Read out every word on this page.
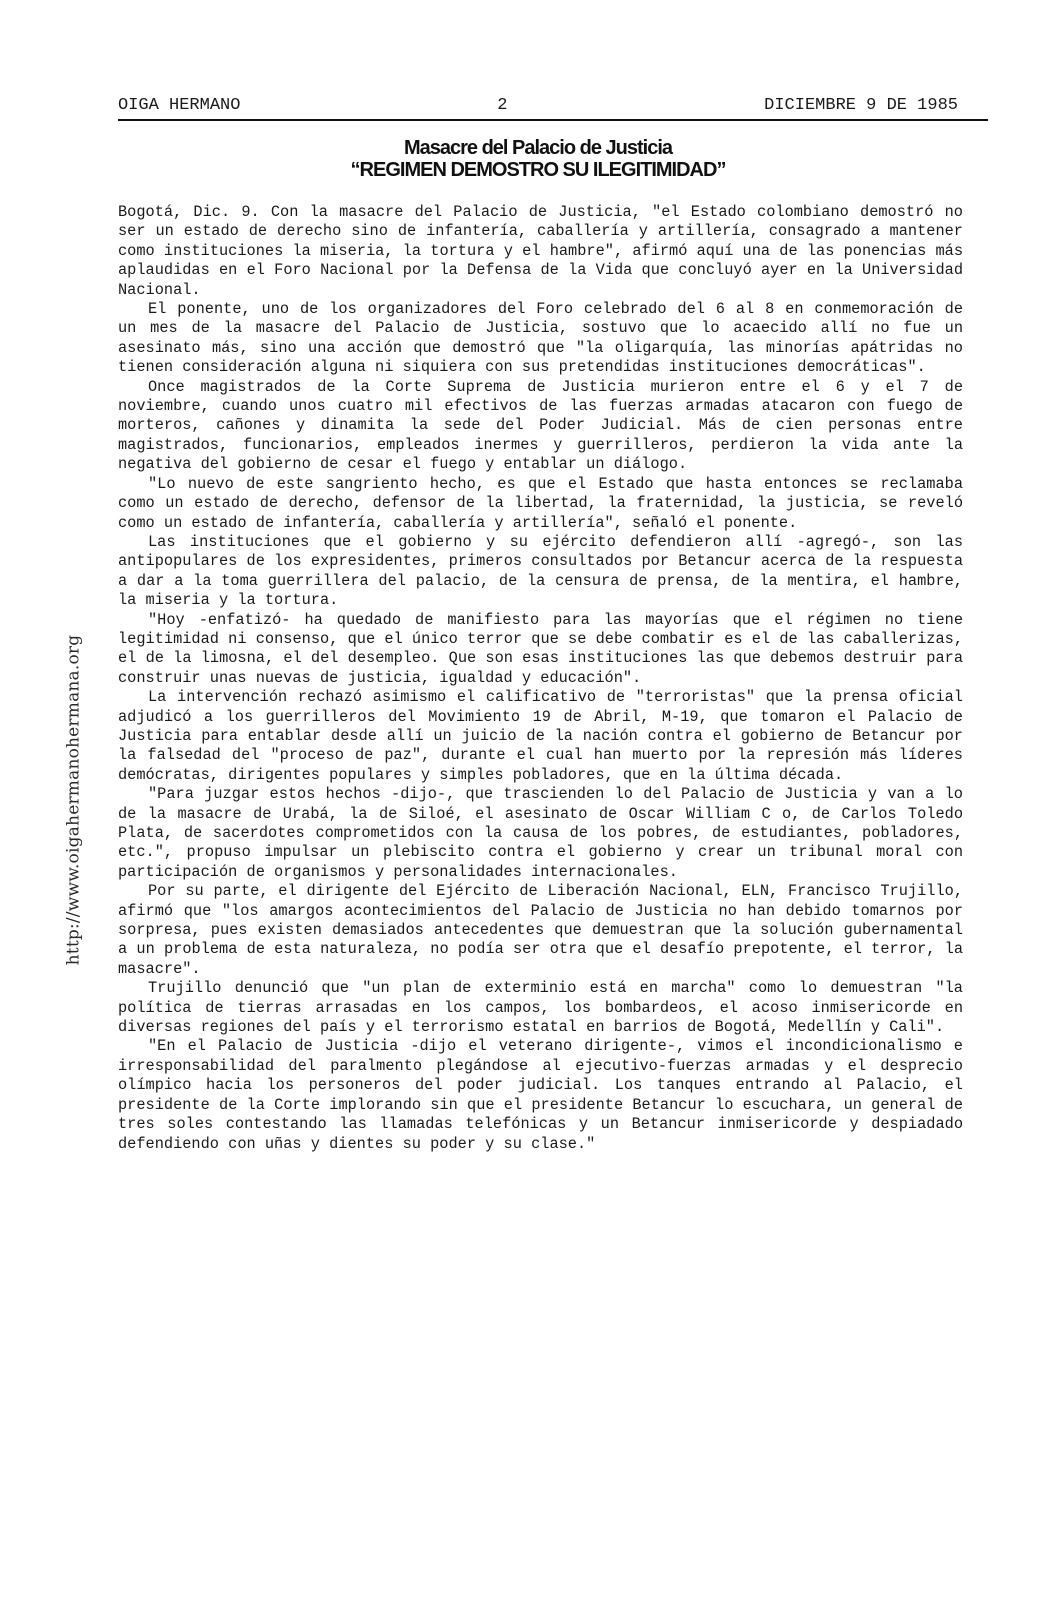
http://www.oigahermanohermana.org
OIGA HERMANO	2	DICIEMBRE 9 DE 1985
Masacre del Palacio de Justicia
“REGIMEN DEMOSTRO SU ILEGITIMIDAD”

Bogotá, Dic. 9. Con la masacre del Palacio de Justicia, "el Estado colombiano demostró no ser un estado de derecho sino de infantería, caballería y artillería, consagrado a mantener como instituciones la miseria, la tortura y el hambre", afirmó aquí una de las ponencias más aplaudidas en el Foro Nacional por la Defensa de la Vida que concluyó ayer en la Universidad Nacional.

El ponente, uno de los organizadores del Foro celebrado del 6 al 8 en conmemoración de un mes de la masacre del Palacio de Justicia, sostuvo que lo acaecido allí no fue un asesinato más, sino una acción que demostró que "la oligarquía, las minorías apátridas no tienen consideración alguna ni siquiera con sus pretendidas instituciones democráticas".

Once magistrados de la Corte Suprema de Justicia murieron entre el 6 y el 7 de noviembre, cuando unos cuatro mil efectivos de las fuerzas armadas atacaron con fuego de morteros, cañones y dinamita la sede del Poder Judicial. Más de cien personas entre magistrados, funcionarios, empleados inermes y guerrilleros, perdieron la vida ante la negativa del gobierno de cesar el fuego y entablar un diálogo.

"Lo nuevo de este sangriento hecho, es que el Estado que hasta entonces se reclamaba como un estado de derecho, defensor de la libertad, la fraternidad, la justicia, se reveló como un estado de infantería, caballería y artillería", señaló el ponente.

Las instituciones que el gobierno y su ejército defendieron allí -agregó-, son las antipopulares de los expresidentes, primeros consultados por Betancur acerca de la respuesta a dar a la toma guerrillera del palacio, de la censura de prensa, de la mentira, el hambre, la miseria y la tortura.

"Hoy -enfatizó- ha quedado de manifiesto para las mayorías que el régimen no tiene legitimidad ni consenso, que el único terror que se debe combatir es el de las caballerizas, el de la limosna, el del desempleo. Que son esas instituciones las que debemos destruir para construir unas nuevas de justicia, igualdad y educación".

La intervención rechazó asimismo el calificativo de "terroristas" que la prensa oficial adjudicó a los guerrilleros del Movimiento 19 de Abril, M-19, que tomaron el Palacio de Justicia para entablar desde allí un juicio de la nación contra el gobierno de Betancur por la falsedad del "proceso de paz", durante el cual han muerto por la represión más líderes demócratas, dirigentes populares y simples pobladores, que en la última década.

"Para juzgar estos hechos -dijo-, que trascienden lo del Palacio de Justicia y van a lo de la masacre de Urabá, la de Siloé, el asesinato de Oscar William C o, de Carlos Toledo Plata, de sacerdotes comprometidos con la causa de los pobres, de estudiantes, pobladores, etc.", propuso impulsar un plebiscito contra el gobierno y crear un tribunal moral con participación de organismos y personalidades internacionales.

Por su parte, el dirigente del Ejército de Liberación Nacional, ELN, Francisco Trujillo, afirmó que "los amargos acontecimientos del Palacio de Justicia no han debido tomarnos por sorpresa, pues existen demasiados antecedentes que demuestran que la solución gubernamental a un problema de esta naturaleza, no podía ser otra que el desafío prepotente, el terror, la masacre".

Trujillo denunció que "un plan de exterminio está en marcha" como lo demuestran "la política de tierras arrasadas en los campos, los bombardeos, el acoso inmisericorde en diversas regiones del país y el terrorismo estatal en barrios de Bogotá, Medellín y Cali".

"En el Palacio de Justicia -dijo el veterano dirigente-, vimos el incondicionalismo e irresponsabilidad del paralmento plegándose al ejecutivo-fuerzas armadas y el desprecio olímpico hacia los personeros del poder judicial. Los tanques entrando al Palacio, el presidente de la Corte implorando sin que el presidente Betancur lo escuchara, un general de tres soles contestando las llamadas telefónicas y un Betancur inmisericorde y despiadado defendiendo con uñas y dientes su poder y su clase."
